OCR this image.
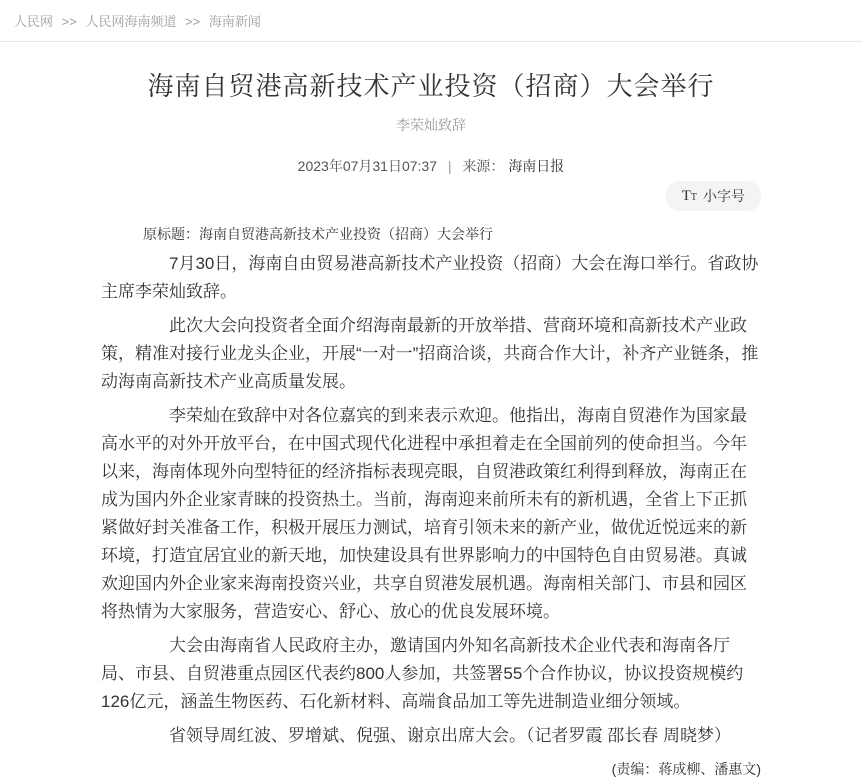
人民网 >> 人民网海南频道 >> 海南新闻
海南自贸港高新技术产业投资（招商）大会举行
李荣灿致辞
2023年07月31日07:37 | 来源： 海南日报
TT 小字号

原标题：海南自贸港高新技术产业投资（招商）大会举行

7月30日，海南自由贸易港高新技术产业投资（招商）大会在海口举行。省政协主席李荣灿致辞。

此次大会向投资者全面介绍海南最新的开放举措、营商环境和高新技术产业政策，精准对接行业龙头企业，开展“一对一”招商洽谈，共商合作大计，补齐产业链条，推动海南高新技术产业高质量发展。

李荣灿在致辞中对各位嘉宾的到来表示欢迎。他指出，海南自贸港作为国家最高水平的对外开放平台，在中国式现代化进程中承担着走在全国前列的使命担当。今年以来，海南体现外向型特征的经济指标表现亮眼，自贸港政策红利得到释放，海南正在成为国内外企业家青睐的投资热土。当前，海南迎来前所未有的新机遇，全省上下正抓紧做好封关准备工作，积极开展压力测试，培育引领未来的新产业，做优近悦远来的新环境，打造宜居宜业的新天地，加快建设具有世界影响力的中国特色自由贸易港。真诚欢迎国内外企业家来海南投资兴业，共享自贸港发展机遇。海南相关部门、市县和园区将热情为大家服务，营造安心、舒心、放心的优良发展环境。

大会由海南省人民政府主办，邀请国内外知名高新技术企业代表和海南各厅局、市县、自贸港重点园区代表约800人参加，共签署55个合作协议，协议投资规模约126亿元，涵盖生物医药、石化新材料、高端食品加工等先进制造业细分领域。

省领导周红波、罗增斌、倪强、谢京出席大会。（记者罗霞 邵长春 周晓梦）

(责编：蒋成柳、潘惠文)
